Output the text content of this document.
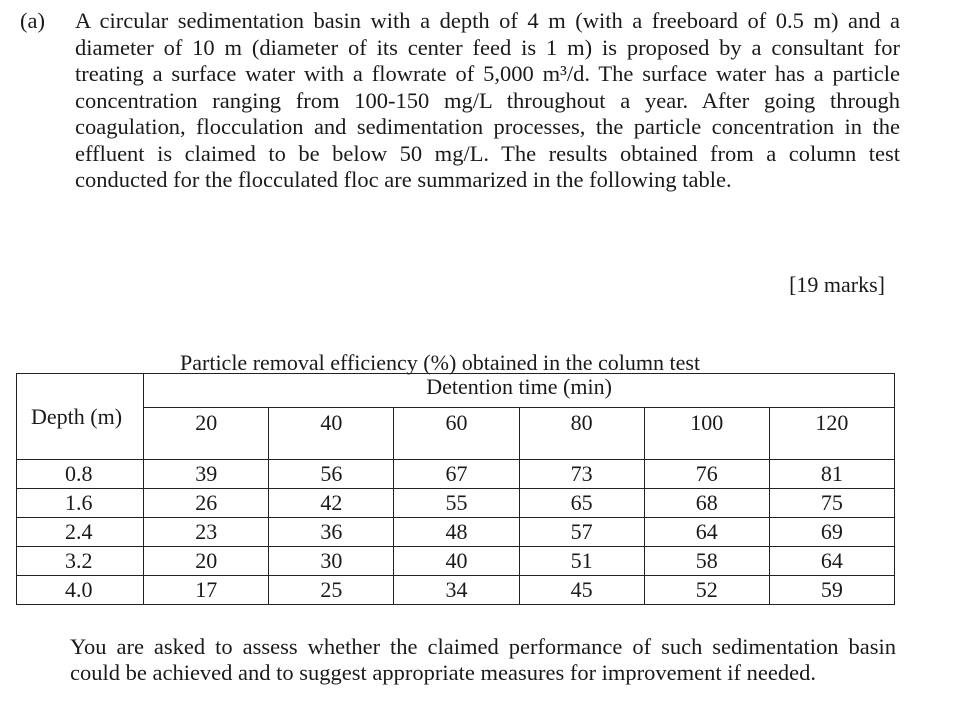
(a) A circular sedimentation basin with a depth of 4 m (with a freeboard of 0.5 m) and a diameter of 10 m (diameter of its center feed is 1 m) is proposed by a consultant for treating a surface water with a flowrate of 5,000 m³/d. The surface water has a particle concentration ranging from 100-150 mg/L throughout a year. After going through coagulation, flocculation and sedimentation processes, the particle concentration in the effluent is claimed to be below 50 mg/L. The results obtained from a column test conducted for the flocculated floc are summarized in the following table.
[19 marks]
Particle removal efficiency (%) obtained in the column test
Depth (m)	Detention time (min)					
	20	40	60	80	100	120
0.8	39	56	67	73	76	81
1.6	26	42	55	65	68	75
2.4	23	36	48	57	64	69
3.2	20	30	40	51	58	64
4.0	17	25	34	45	52	59
You are asked to assess whether the claimed performance of such sedimentation basin could be achieved and to suggest appropriate measures for improvement if needed.
